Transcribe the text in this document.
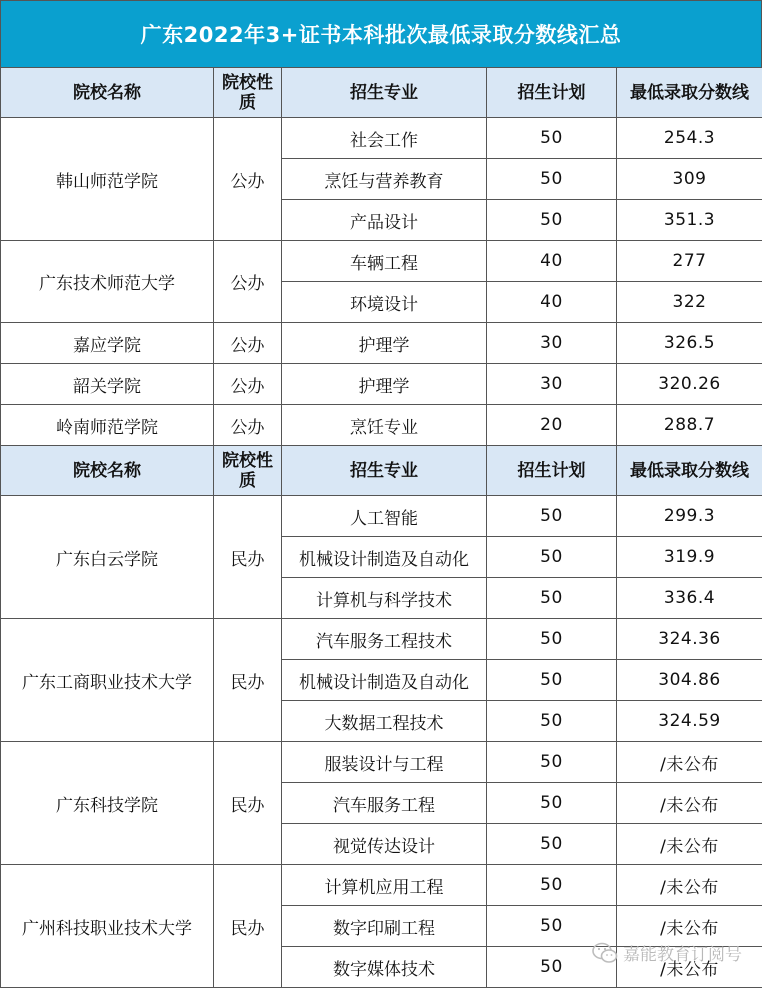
广东2022年3+证书本科批次最低录取分数线汇总
院校名称	院校性质	招生专业	招生计划	最低录取分数线
韩山师范学院	公办	社会工作	50	254.3
		烹饪与营养教育	50	309
		产品设计	50	351.3
广东技术师范大学	公办	车辆工程	40	277
		环境设计	40	322
嘉应学院	公办	护理学	30	326.5
韶关学院	公办	护理学	30	320.26
岭南师范学院	公办	烹饪专业	20	288.7
院校名称	院校性质	招生专业	招生计划	最低录取分数线
广东白云学院	民办	人工智能	50	299.3
		机械设计制造及自动化	50	319.9
		计算机与科学技术	50	336.4
广东工商职业技术大学	民办	汽车服务工程技术	50	324.36
		机械设计制造及自动化	50	304.86
		大数据工程技术	50	324.59
广东科技学院	民办	服装设计与工程	50	/未公布
		汽车服务工程	50	/未公布
		视觉传达设计	50	/未公布
广州科技职业技术大学	民办	计算机应用工程	50	/未公布
		数字印刷工程	50	/未公布
		数字媒体技术	50	/未公布
嘉能教育订阅号
